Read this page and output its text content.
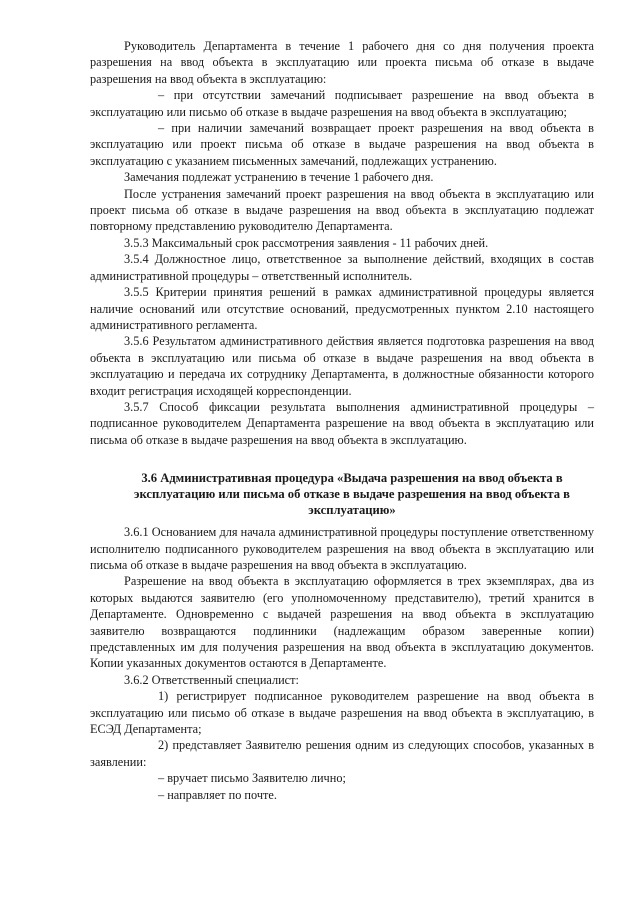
Руководитель Департамента в течение 1 рабочего дня со дня получения проекта разрешения на ввод объекта в эксплуатацию или проекта письма об отказе в выдаче разрешения на ввод объекта в эксплуатацию:

– при отсутствии замечаний подписывает разрешение на ввод объекта в эксплуатацию или письмо об отказе в выдаче разрешения на ввод объекта в эксплуатацию;

– при наличии замечаний возвращает проект разрешения на ввод объекта в эксплуатацию или проект письма об отказе в выдаче разрешения на ввод объекта в эксплуатацию с указанием письменных замечаний, подлежащих устранению.

Замечания подлежат устранению в течение 1 рабочего дня.

После устранения замечаний проект разрешения на ввод объекта в эксплуатацию или проект письма об отказе в выдаче разрешения на ввод объекта в эксплуатацию подлежат повторному представлению руководителю Департамента.

3.5.3 Максимальный срок рассмотрения заявления - 11 рабочих дней.

3.5.4 Должностное лицо, ответственное за выполнение действий, входящих в состав административной процедуры – ответственный исполнитель.

3.5.5 Критерии принятия решений в рамках административной процедуры является наличие оснований или отсутствие оснований, предусмотренных пунктом 2.10 настоящего административного регламента.

3.5.6 Результатом административного действия является подготовка разрешения на ввод объекта в эксплуатацию или письма об отказе в выдаче разрешения на ввод объекта в эксплуатацию и передача их сотруднику Департамента, в должностные обязанности которого входит регистрация исходящей корреспонденции.

3.5.7 Способ фиксации результата выполнения административной процедуры – подписанное руководителем Департамента разрешение на ввод объекта в эксплуатацию или письма об отказе в выдаче разрешения на ввод объекта в эксплуатацию.

3.6 Административная процедура «Выдача разрешения на ввод объекта в эксплуатацию или письма об отказе в выдаче разрешения на ввод объекта в эксплуатацию»

3.6.1 Основанием для начала административной процедуры поступление ответственному исполнителю подписанного руководителем разрешения на ввод объекта в эксплуатацию или письма об отказе в выдаче разрешения на ввод объекта в эксплуатацию.

Разрешение на ввод объекта в эксплуатацию оформляется в трех экземплярах, два из которых выдаются заявителю (его уполномоченному представителю), третий хранится в Департаменте. Одновременно с выдачей разрешения на ввод объекта в эксплуатацию заявителю возвращаются подлинники (надлежащим образом заверенные копии) представленных им для получения разрешения на ввод объекта в эксплуатацию документов. Копии указанных документов остаются в Департаменте.

3.6.2 Ответственный специалист:

1) регистрирует подписанное руководителем разрешение на ввод объекта в эксплуатацию или письмо об отказе в выдаче разрешения на ввод объекта в эксплуатацию, в ЕСЭД Департамента;

2) представляет Заявителю решения одним из следующих способов, указанных в заявлении:

– вручает письмо Заявителю лично;

– направляет по почте.
